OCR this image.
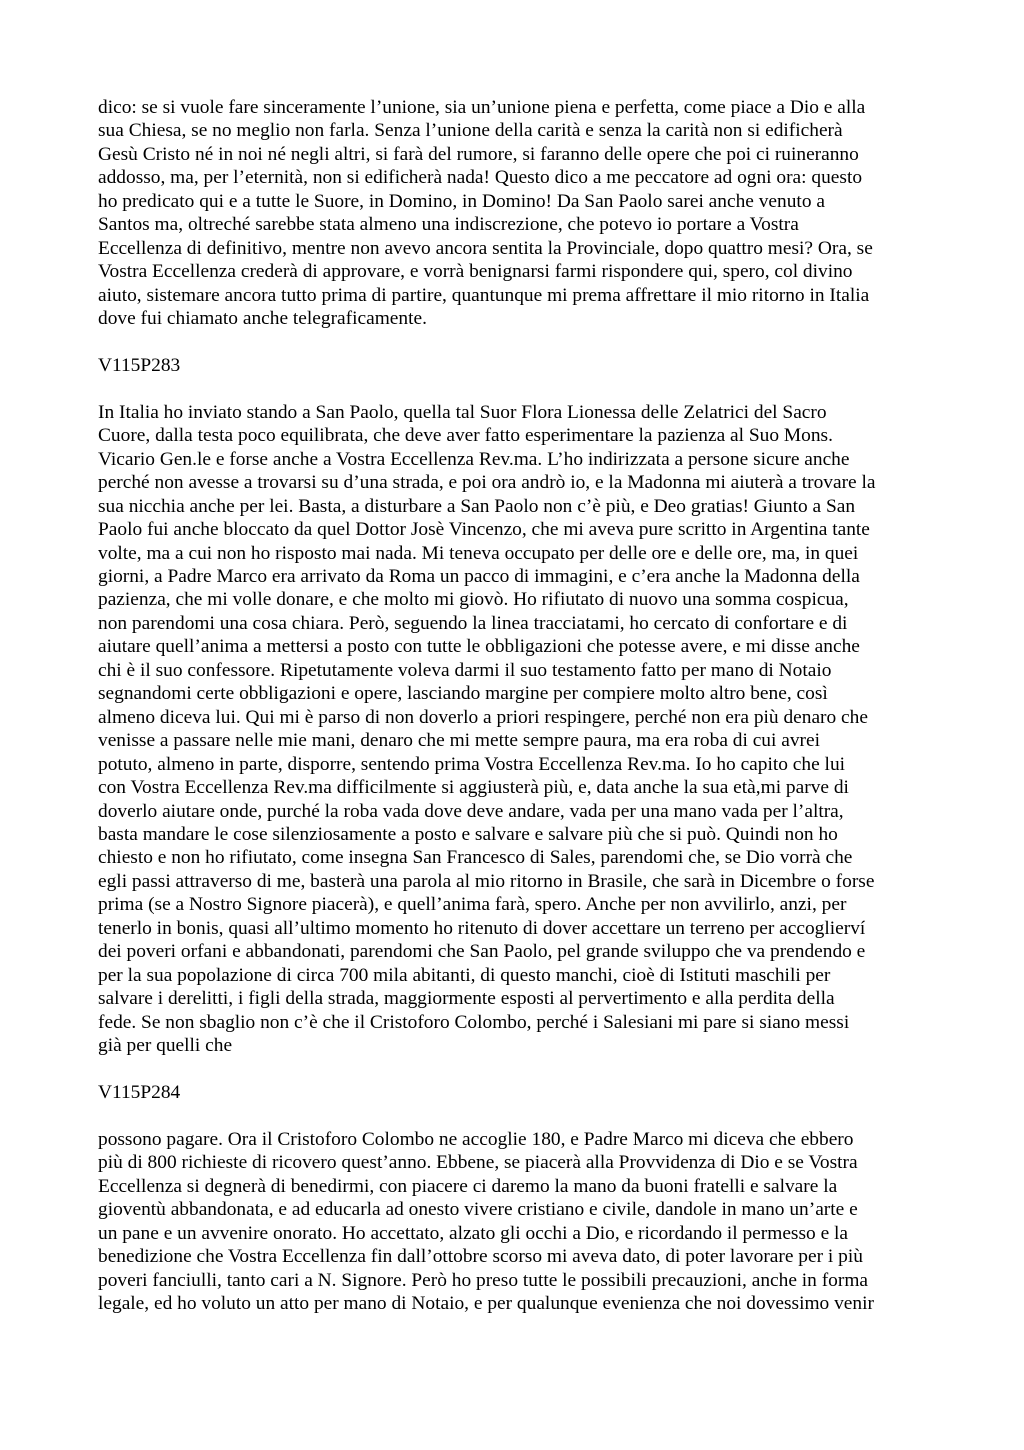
dico: se si vuole fare sinceramente l’unione, sia un’unione piena e perfetta, come piace a Dio e alla
sua Chiesa, se no meglio non farla. Senza l’unione della carità e senza la carità non si edificherà
Gesù Cristo né in noi né negli altri, si farà del rumore, si faranno delle opere che poi ci ruineranno
addosso, ma, per l’eternità, non si edificherà nada! Questo dico a me peccatore ad ogni ora: questo
ho predicato qui e a tutte le Suore, in Domino, in Domino! Da San Paolo sarei anche venuto a
Santos ma, oltreché sarebbe stata almeno una indiscrezione, che potevo io portare a Vostra
Eccellenza di definitivo, mentre non avevo ancora sentita la Provinciale, dopo quattro mesi? Ora, se
Vostra Eccellenza crederà di approvare, e vorrà benignarsi farmi rispondere qui, spero, col divino
aiuto, sistemare ancora tutto prima di partire, quantunque mi prema affrettare il mio ritorno in Italia
dove fui chiamato anche telegraficamente.
V115P283
In Italia ho inviato stando a San Paolo, quella tal Suor Flora Lionessa delle Zelatrici del Sacro
Cuore, dalla testa poco equilibrata, che deve aver fatto esperimentare la pazienza al Suo Mons.
Vicario Gen.le e forse anche a Vostra Eccellenza Rev.ma. L’ho indirizzata a persone sicure anche
perché non avesse a trovarsi su d’una strada, e poi ora andrò io, e la Madonna mi aiuterà a trovare la
sua nicchia anche per lei. Basta, a disturbare a San Paolo non c’è più, e Deo gratias! Giunto a San
Paolo fui anche bloccato da quel Dottor Josè Vincenzo, che mi aveva pure scritto in Argentina tante
volte, ma a cui non ho risposto mai nada. Mi teneva occupato per delle ore e delle ore, ma, in quei
giorni, a Padre Marco era arrivato da Roma un pacco di immagini, e c’era anche la Madonna della
pazienza, che mi volle donare, e che molto mi giovò. Ho rifiutato di nuovo una somma cospicua,
non parendomi una cosa chiara. Però, seguendo la linea tracciatami, ho cercato di confortare e di
aiutare quell’anima a mettersi a posto con tutte le obbligazioni che potesse avere, e mi disse anche
chi è il suo confessore. Ripetutamente voleva darmi il suo testamento fatto per mano di Notaio
segnandomi certe obbligazioni e opere, lasciando margine per compiere molto altro bene, così
almeno diceva lui. Qui mi è parso di non doverlo a priori respingere, perché non era più denaro che
venisse a passare nelle mie mani, denaro che mi mette sempre paura, ma era roba di cui avrei
potuto, almeno in parte, disporre, sentendo prima Vostra Eccellenza Rev.ma. Io ho capito che lui
con Vostra Eccellenza Rev.ma difficilmente si aggiusterà più, e, data anche la sua età,mi parve di
doverlo aiutare onde, purché la roba vada dove deve andare, vada per una mano vada per l’altra,
basta mandare le cose silenziosamente a posto e salvare e salvare più che si può. Quindi non ho
chiesto e non ho rifiutato, come insegna San Francesco di Sales, parendomi che, se Dio vorrà che
egli passi attraverso di me, basterà una parola al mio ritorno in Brasile, che sarà in Dicembre o forse
prima (se a Nostro Signore piacerà), e quell’anima farà, spero. Anche per non avvilirlo, anzi, per
tenerlo in bonis, quasi all’ultimo momento ho ritenuto di dover accettare un terreno per accoglierví
dei poveri orfani e abbandonati, parendomi che San Paolo, pel grande sviluppo che va prendendo e
per la sua popolazione di circa 700 mila abitanti, di questo manchi, cioè di Istituti maschili per
salvare i derelitti, i figli della strada, maggiormente esposti al pervertimento e alla perdita della
fede. Se non sbaglio non c’è che il Cristoforo Colombo, perché i Salesiani mi pare si siano messi
già per quelli che
V115P284
possono pagare. Ora il Cristoforo Colombo ne accoglie 180, e Padre Marco mi diceva che ebbero
più di 800 richieste di ricovero quest’anno. Ebbene, se piacerà alla Provvidenza di Dio e se Vostra
Eccellenza si degnerà di benedirmi, con piacere ci daremo la mano da buoni fratelli e salvare la
gioventù abbandonata, e ad educarla ad onesto vivere cristiano e civile, dandole in mano un’arte e
un pane e un avvenire onorato. Ho accettato, alzato gli occhi a Dio, e ricordando il permesso e la
benedizione che Vostra Eccellenza fin dall’ottobre scorso mi aveva dato, di poter lavorare per i più
poveri fanciulli, tanto cari a N. Signore. Però ho preso tutte le possibili precauzioni, anche in forma
legale, ed ho voluto un atto per mano di Notaio, e per qualunque evenienza che noi dovessimo venir
